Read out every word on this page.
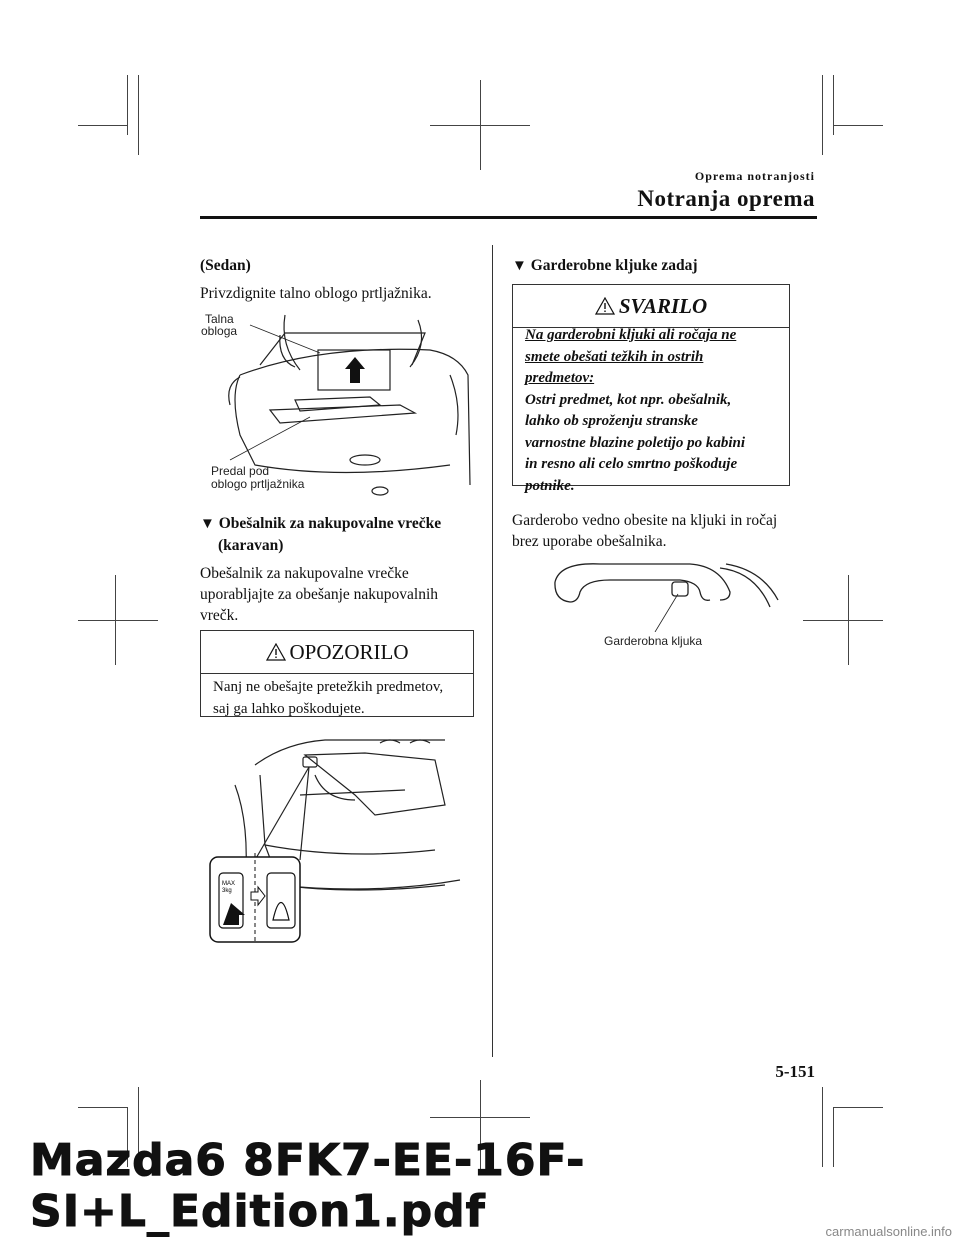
Oprema notranjosti
Notranja oprema
(Sedan)
Privzdignite talno oblogo prtljažnika.
Talna
obloga
Predal pod
oblogo prtljažnika
▼ Obešalnik za nakupovalne vrečke
(karavan)
Obešalnik za nakupovalne vrečke
uporabljajte za obešanje nakupovalnih
vrečk.
OPOZORILO
Nanj ne obešajte pretežkih predmetov,
saj ga lahko poškodujete.
MAX
3kg
▼ Garderobne kljuke zadaj
SVARILO
Na garderobni kljuki ali ročaja ne
smete obešati težkih in ostrih
predmetov:
Ostri predmet, kot npr. obešalnik,
lahko ob sproženju stranske
varnostne blazine poletijo po kabini
in resno ali celo smrtno poškoduje
potnike.
Garderobo vedno obesite na kljuki in ročaj
brez uporabe obešalnika.
Garderobna kljuka
5-151
Mazda6 8FK7-EE-16F-SI+L_Edition1.pdf	carmanualsonline.info
